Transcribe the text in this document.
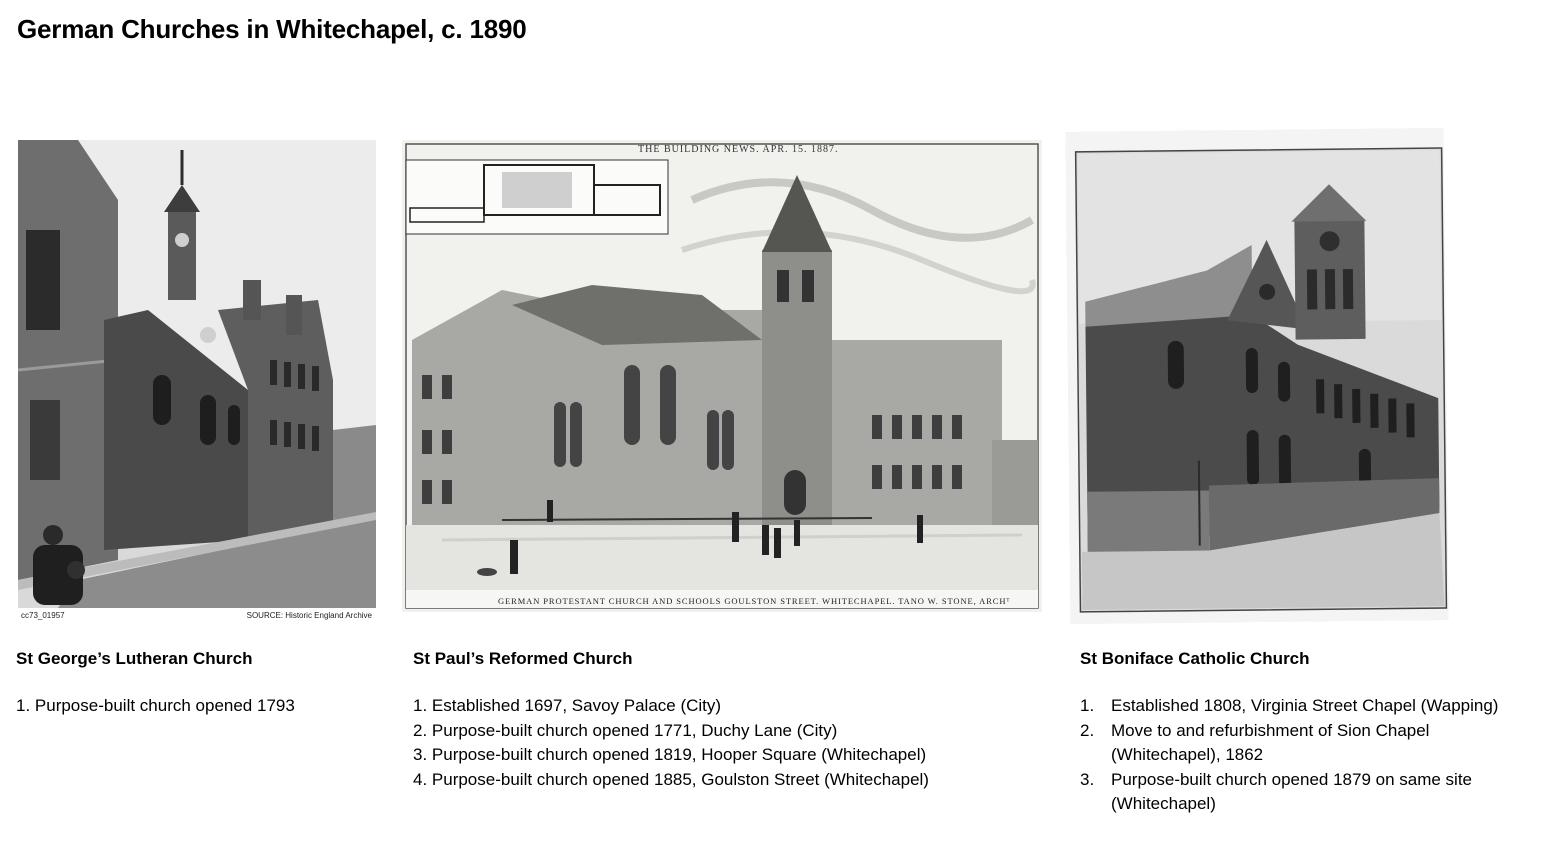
German Churches in Whitechapel, c. 1890
cc73_01957	SOURCE: Historic England Archive
THE BUILDING NEWS. APR. 15. 1887.
GERMAN PROTESTANT CHURCH AND SCHOOLS GOULSTON STREET. WHITECHAPEL. TANO W. STONE, ARCHᵀ
St George’s Lutheran Church
1. Purpose-built church opened 1793
St Paul’s Reformed Church
1. Established 1697, Savoy Palace (City)
2. Purpose-built church opened 1771, Duchy Lane (City)
3. Purpose-built church opened 1819, Hooper Square (Whitechapel)
4. Purpose-built church opened 1885, Goulston Street (Whitechapel)
St Boniface Catholic Church
1. Established 1808, Virginia Street Chapel (Wapping)
2. Move to and refurbishment of Sion Chapel (Whitechapel), 1862
3. Purpose-built church opened 1879 on same site (Whitechapel)
